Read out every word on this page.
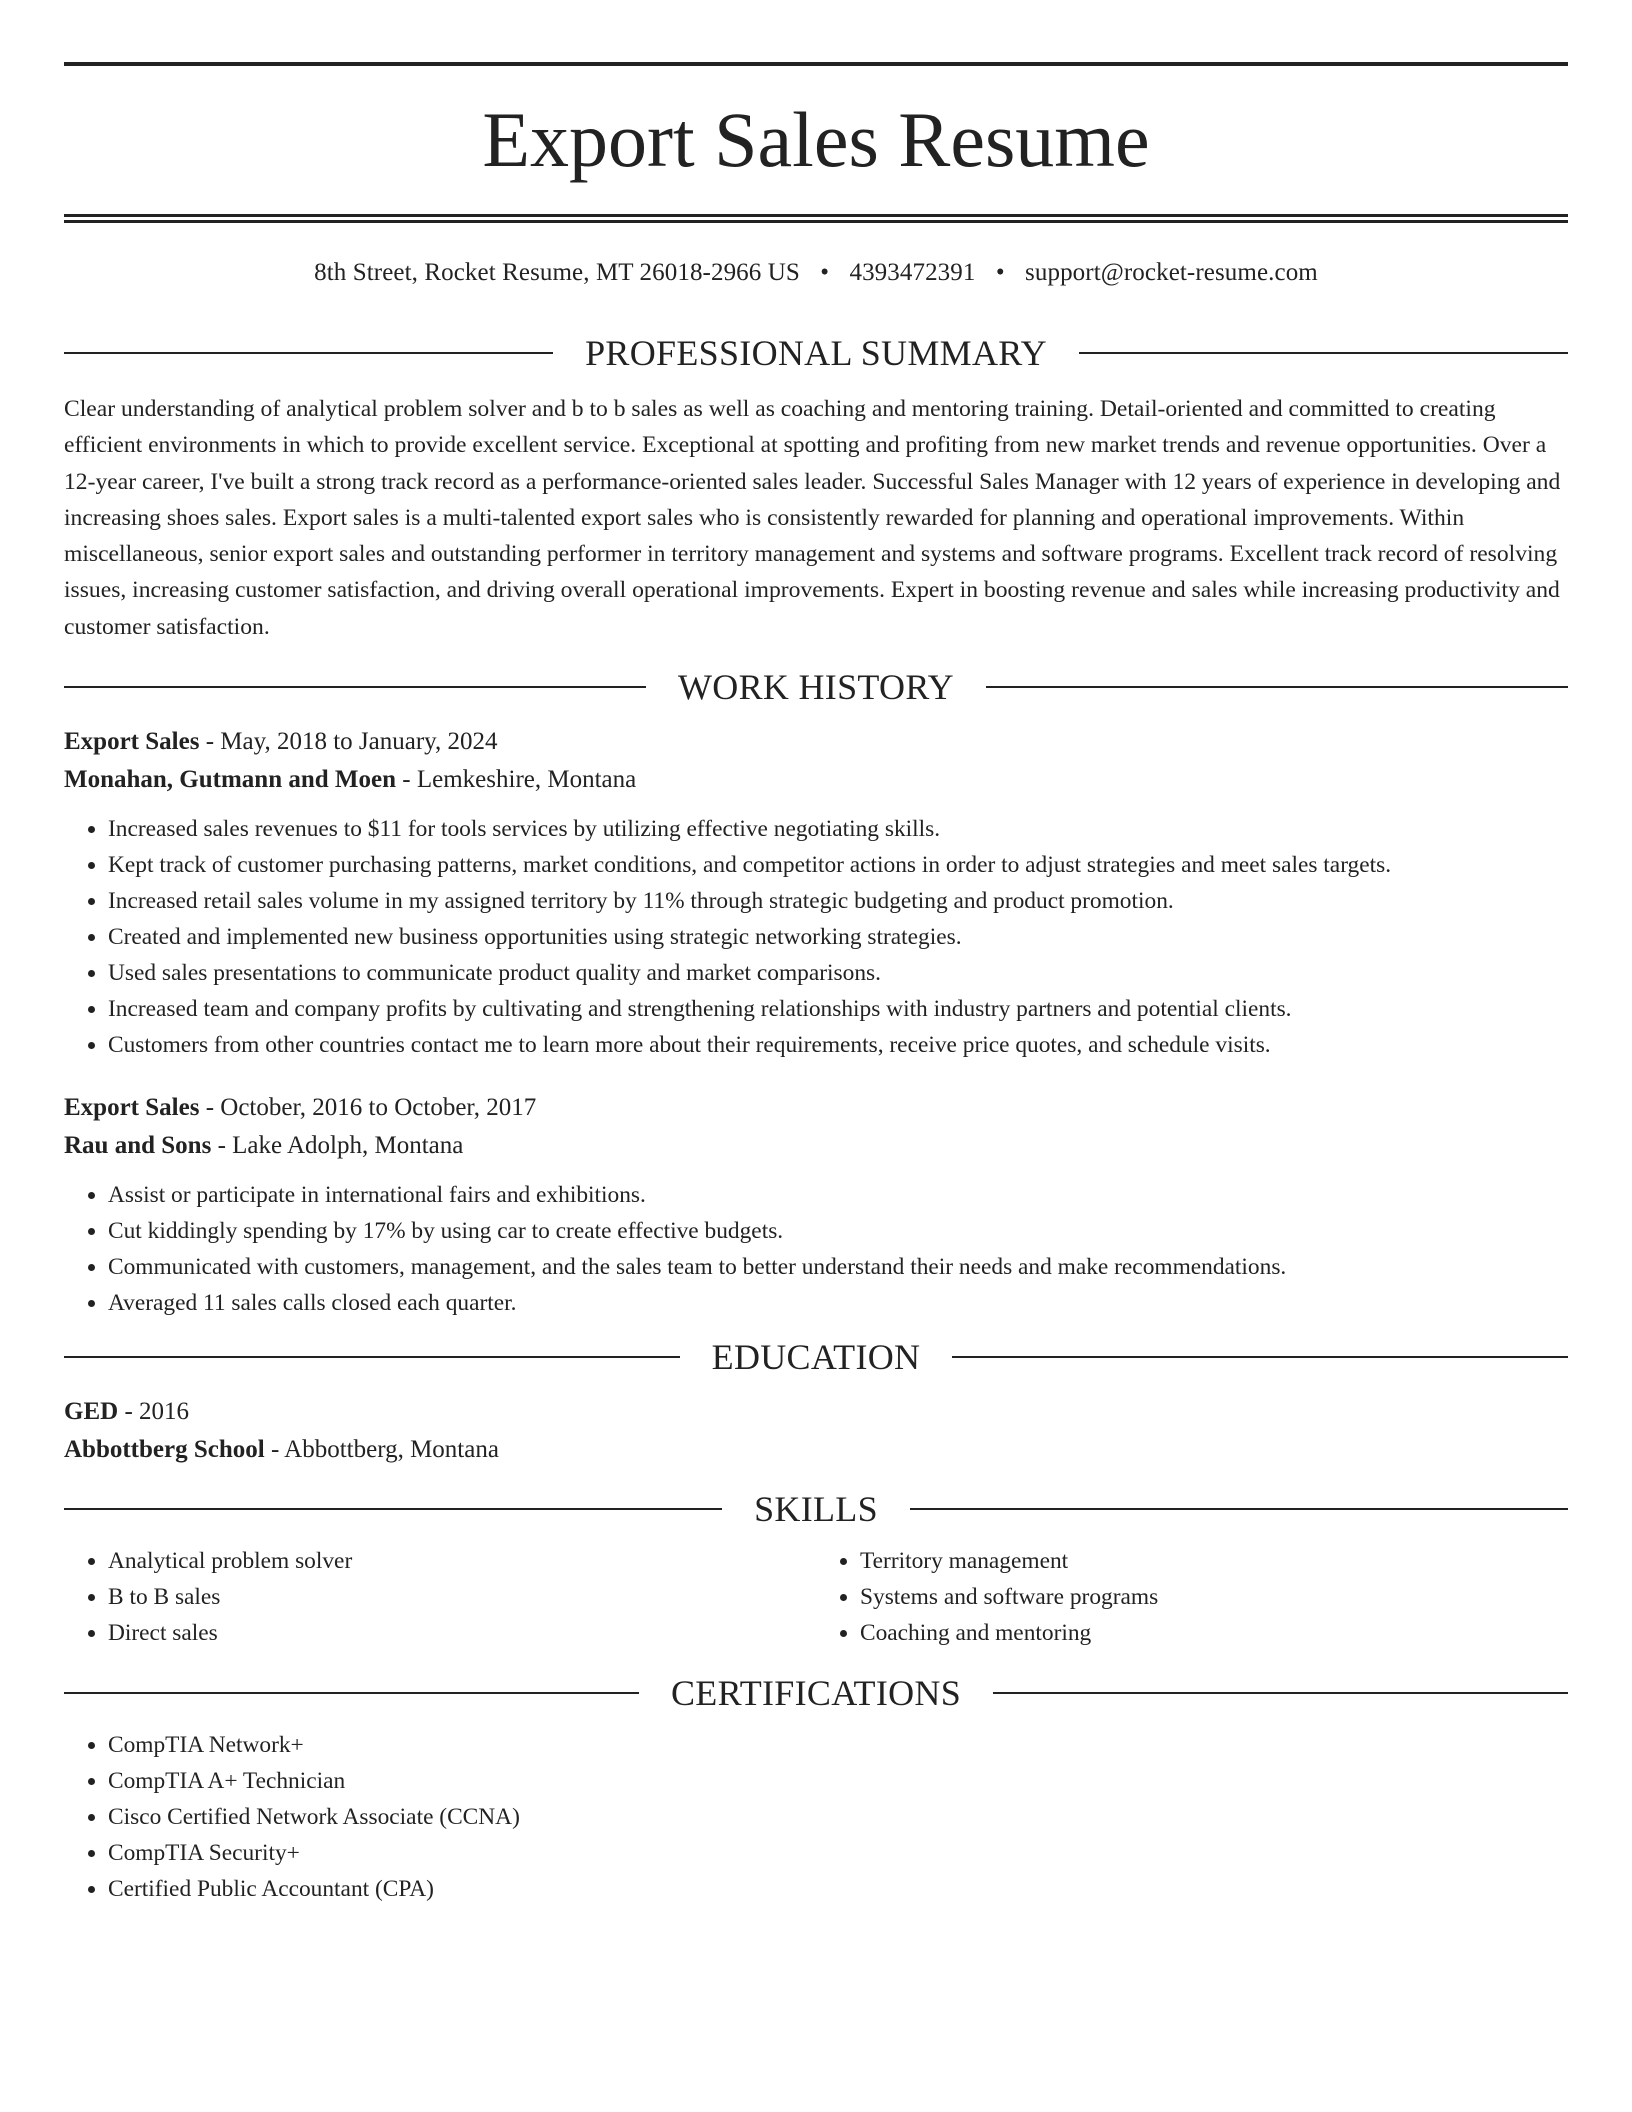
Export Sales Resume
8th Street, Rocket Resume, MT 26018-2966 US • 4393472391 • support@rocket-resume.com
PROFESSIONAL SUMMARY
Clear understanding of analytical problem solver and b to b sales as well as coaching and mentoring training. Detail-oriented and committed to creating efficient environments in which to provide excellent service. Exceptional at spotting and profiting from new market trends and revenue opportunities. Over a 12-year career, I've built a strong track record as a performance-oriented sales leader. Successful Sales Manager with 12 years of experience in developing and increasing shoes sales. Export sales is a multi-talented export sales who is consistently rewarded for planning and operational improvements. Within miscellaneous, senior export sales and outstanding performer in territory management and systems and software programs. Excellent track record of resolving issues, increasing customer satisfaction, and driving overall operational improvements. Expert in boosting revenue and sales while increasing productivity and customer satisfaction.
WORK HISTORY
Export Sales - May, 2018 to January, 2024
Monahan, Gutmann and Moen - Lemkeshire, Montana
• Increased sales revenues to $11 for tools services by utilizing effective negotiating skills.
• Kept track of customer purchasing patterns, market conditions, and competitor actions in order to adjust strategies and meet sales targets.
• Increased retail sales volume in my assigned territory by 11% through strategic budgeting and product promotion.
• Created and implemented new business opportunities using strategic networking strategies.
• Used sales presentations to communicate product quality and market comparisons.
• Increased team and company profits by cultivating and strengthening relationships with industry partners and potential clients.
• Customers from other countries contact me to learn more about their requirements, receive price quotes, and schedule visits.
Export Sales - October, 2016 to October, 2017
Rau and Sons - Lake Adolph, Montana
• Assist or participate in international fairs and exhibitions.
• Cut kiddingly spending by 17% by using car to create effective budgets.
• Communicated with customers, management, and the sales team to better understand their needs and make recommendations.
• Averaged 11 sales calls closed each quarter.
EDUCATION
GED - 2016
Abbottberg School - Abbottberg, Montana
SKILLS
• Analytical problem solver
• B to B sales
• Direct sales
• Territory management
• Systems and software programs
• Coaching and mentoring
CERTIFICATIONS
• CompTIA Network+
• CompTIA A+ Technician
• Cisco Certified Network Associate (CCNA)
• CompTIA Security+
• Certified Public Accountant (CPA)
